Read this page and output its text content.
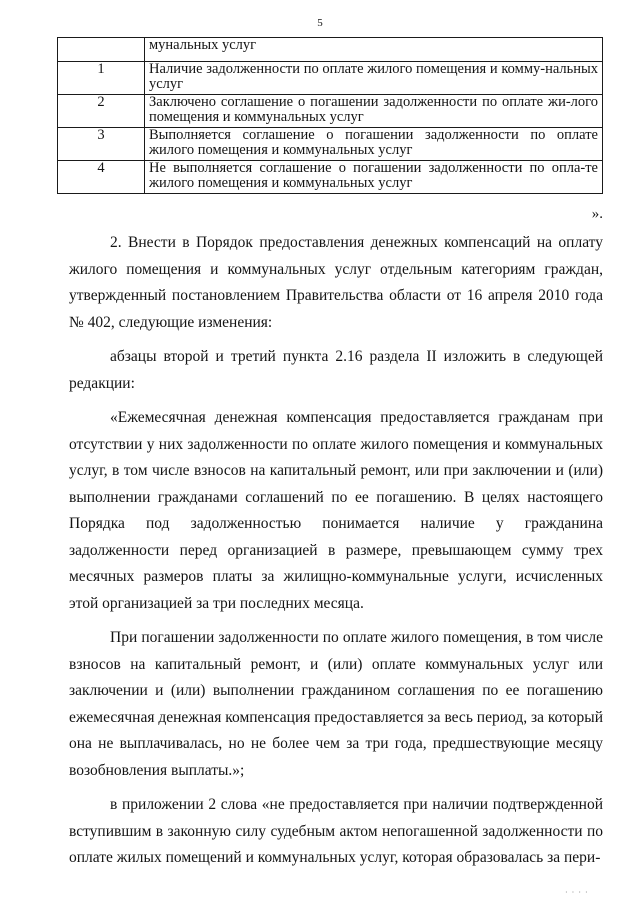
5
	мунальных услуг
1	Наличие задолженности по оплате жилого помещения и комму-нальных услуг
2	Заключено соглашение о погашении задолженности по оплате жи-лого помещения и коммунальных услуг
3	Выполняется соглашение о погашении задолженности по оплате жилого помещения и коммунальных услуг
4	Не выполняется соглашение о погашении задолженности по опла-те жилого помещения и коммунальных услуг
».

2. Внести в Порядок предоставления денежных компенсаций на оплату жилого помещения и коммунальных услуг отдельным категориям граждан, утвержденный постановлением Правительства области от 16 апреля 2010 года № 402, следующие изменения:

абзацы второй и третий пункта 2.16 раздела II изложить в следующей редакции:

«Ежемесячная денежная компенсация предоставляется гражданам при отсутствии у них задолженности по оплате жилого помещения и коммунальных услуг, в том числе взносов на капитальный ремонт, или при заключении и (или) выполнении гражданами соглашений по ее погашению. В целях настоящего Порядка под задолженностью понимается наличие у гражданина задолженности перед организацией в размере, превышающем сумму трех месячных размеров платы за жилищно-коммунальные услуги, исчисленных этой организацией за три последних месяца.

При погашении задолженности по оплате жилого помещения, в том числе взносов на капитальный ремонт, и (или) оплате коммунальных услуг или заключении и (или) выполнении гражданином соглашения по ее погашению ежемесячная денежная компенсация предоставляется за весь период, за который она не выплачивалась, но не более чем за три года, предшествующие месяцу возобновления выплаты.»;

в приложении 2 слова «не предоставляется при наличии подтвержденной вступившим в законную силу судебным актом непогашенной задолженности по оплате жилых помещений и коммунальных услуг, которая образовалась за пери-

· · · ·
